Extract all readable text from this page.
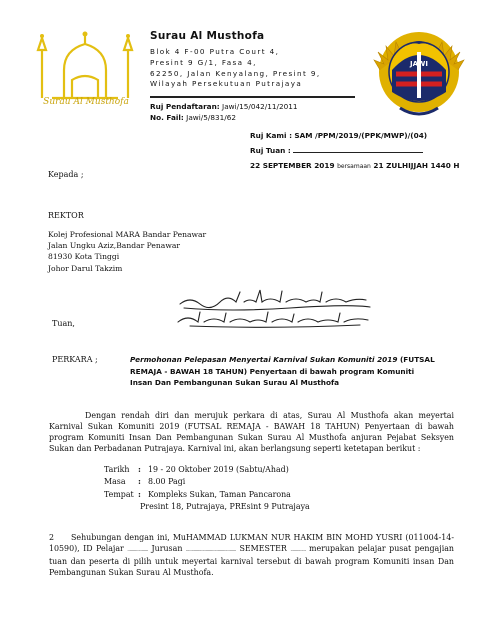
Surau Al Musthofa
Surau Al Musthofa
Blok 4 F-00 Putra Court 4,
Presint 9 G/1, Fasa 4,
62250, Jalan Kenyalang, Presint 9,
Wilayah Persekutuan Putrajaya
Ruj Pendaftaran: Jawi/15/042/11/2011
No. Fail: Jawi/5/831/62
JAWI
Ruj Kami : SAM /PPM/2019/(PPK/MWP)/(04)
Ruj Tuan :
22 SEPTEMBER 2019 bersamaan 21 ZULHIJJAH 1440 H
Kepada ;
REKTOR
Kolej Profesional MARA Bandar Penawar
Jalan Ungku Aziz,Bandar Penawar
81930 Kota Tinggi
Johor Darul Takzim
Tuan,
PERKARA ;	Permohonan Pelepasan Menyertai Karnival Sukan Komuniti 2019 (FUTSAL
REMAJA - BAWAH 18 TAHUN) Penyertaan di bawah program Komuniti
Insan Dan Pembangunan Sukan Surau Al Musthofa
Dengan rendah diri dan merujuk perkara di atas, Surau Al Musthofa akan meyertai Karnival Sukan Komuniti 2019 (FUTSAL REMAJA - BAWAH 18 TAHUN) Penyertaan di bawah program Komuniti Insan Dan Pembangunan Sukan Surau Al Musthofa anjuran Pejabat Seksyen Sukan dan Perbadanan Putrajaya. Karnival ini, akan berlangsung seperti ketetapan berikut :
Tarikh	: 19 - 20 Oktober 2019 (Sabtu/Ahad)
Masa	: 8.00 Pagi
Tempat : Kompleks Sukan, Taman Pancarona
Presint 18, Putrajaya, PREsint 9 Putrajaya
2 Sehubungan dengan ini, MuHAMMAD LUKMAN NUR HAKIM BIN MOHD YUSRI (011004-14-10590), ID Pelajar ................... Jurusan .............................................. SEMESTER .............. merupakan pelajar pusat pengajian tuan dan peserta di pilih untuk meyertai karnival tersebut di bawah program Komuniti insan Dan Pembangunan Sukan Surau Al Musthofa.
